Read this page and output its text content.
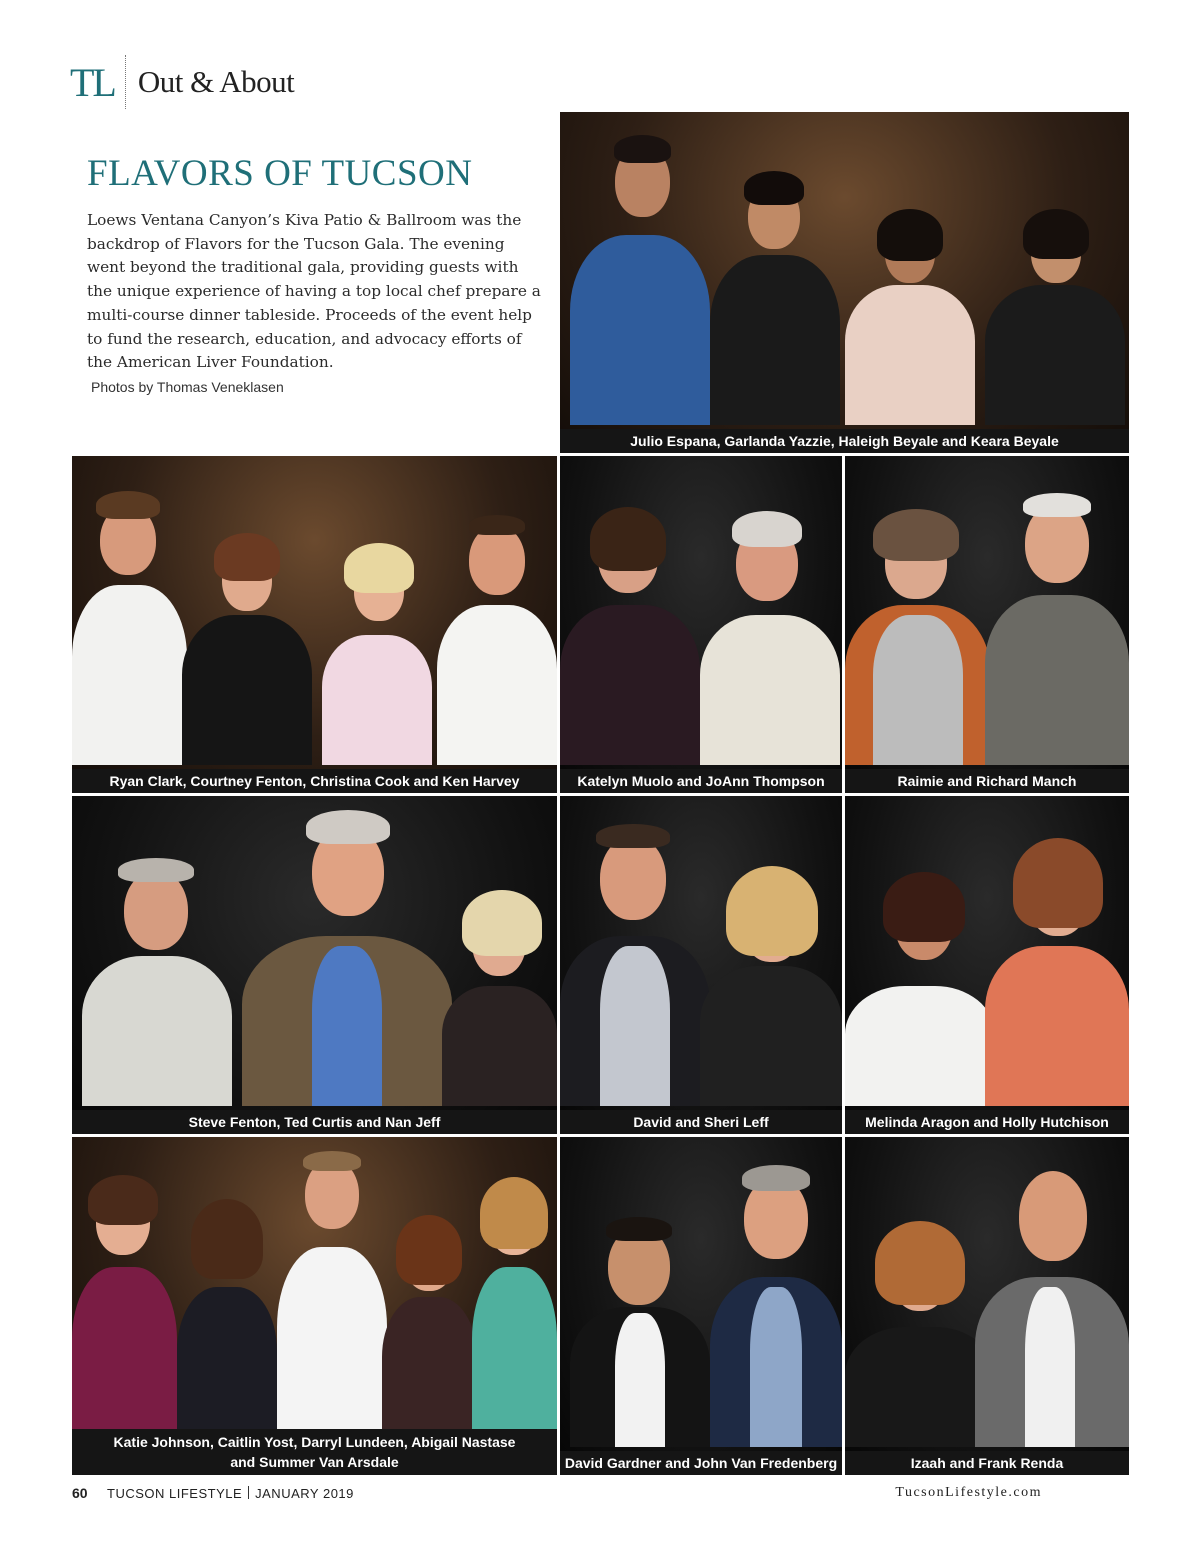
TL Out & About
FLAVORS OF TUCSON

Loews Ventana Canyon’s Kiva Patio & Ballroom was the backdrop of Flavors for the Tucson Gala. The evening went beyond the traditional gala, providing guests with the unique experience of having a top local chef prepare a multi-course dinner tableside. Proceeds of the event help to fund the research, education, and advocacy efforts of the American Liver Foundation.

Photos by Thomas Veneklasen
Julio Espana, Garlanda Yazzie, Haleigh Beyale and Keara Beyale
Ryan Clark, Courtney Fenton, Christina Cook and Ken Harvey	Katelyn Muolo and JoAnn Thompson	Raimie and Richard Manch
Steve Fenton, Ted Curtis and Nan Jeff	David and Sheri Leff	Melinda Aragon and Holly Hutchison
Katie Johnson, Caitlin Yost, Darryl Lundeen, Abigail Nastase
and Summer Van Arsdale	David Gardner and John Van Fredenberg	Izaah and Frank Renda
60 TUCSON LIFESTYLE JANUARY 2019	TucsonLifestyle.com
